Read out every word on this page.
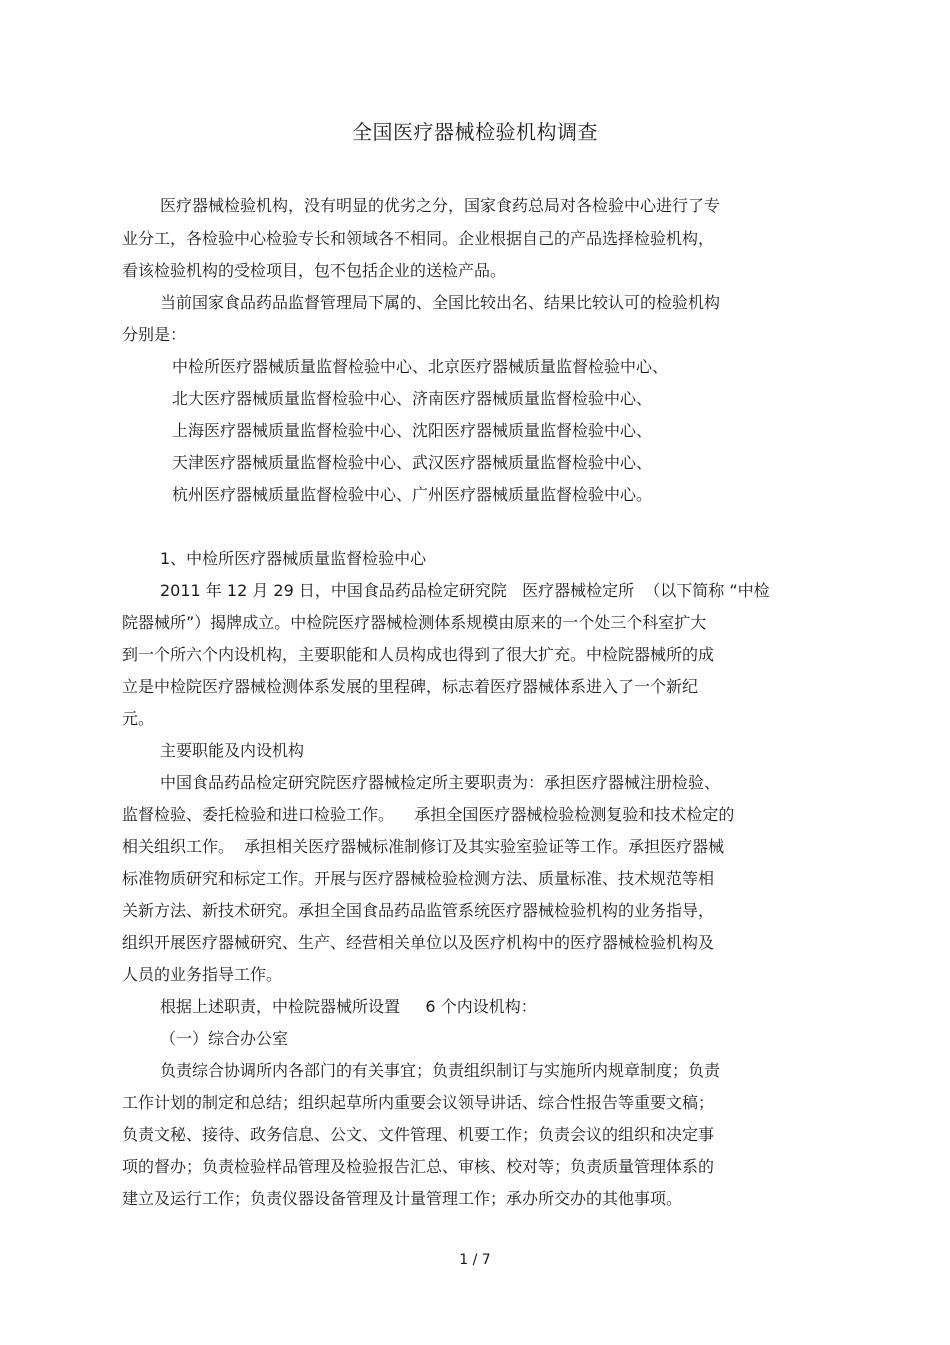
全国医疗器械检验机构调查
医疗器械检验机构，没有明显的优劣之分，国家食药总局对各检验中心进行了专
业分工，各检验中心检验专长和领域各不相同。企业根据自己的产品选择检验机构，
看该检验机构的受检项目，包不包括企业的送检产品。
当前国家食品药品监督管理局下属的、全国比较出名、结果比较认可的检验机构
分别是：
中检所医疗器械质量监督检验中心、北京医疗器械质量监督检验中心、
北大医疗器械质量监督检验中心、济南医疗器械质量监督检验中心、
上海医疗器械质量监督检验中心、沈阳医疗器械质量监督检验中心、
天津医疗器械质量监督检验中心、武汉医疗器械质量监督检验中心、
杭州医疗器械质量监督检验中心、广州医疗器械质量监督检验中心。
1、中检所医疗器械质量监督检验中心
2011 年 12 月 29 日，中国食品药品检定研究院   医疗器械检定所  （以下简称 “中检
院器械所”）揭牌成立。中检院医疗器械检测体系规模由原来的一个处三个科室扩大
到一个所六个内设机构，主要职能和人员构成也得到了很大扩充。中检院器械所的成
立是中检院医疗器械检测体系发展的里程碑，标志着医疗器械体系进入了一个新纪
元。
主要职能及内设机构
中国食品药品检定研究院医疗器械检定所主要职责为：承担医疗器械注册检验、
监督检验、委托检验和进口检验工作。    承担全国医疗器械检验检测复验和技术检定的
相关组织工作。  承担相关医疗器械标准制修订及其实验室验证等工作。承担医疗器械
标准物质研究和标定工作。开展与医疗器械检验检测方法、质量标准、技术规范等相
关新方法、新技术研究。承担全国食品药品监管系统医疗器械检验机构的业务指导，
组织开展医疗器械研究、生产、经营相关单位以及医疗机构中的医疗器械检验机构及
人员的业务指导工作。
根据上述职责，中检院器械所设置     6 个内设机构：
（一）综合办公室
负责综合协调所内各部门的有关事宜；负责组织制订与实施所内规章制度；负责
工作计划的制定和总结；组织起草所内重要会议领导讲话、综合性报告等重要文稿；
负责文秘、接待、政务信息、公文、文件管理、机要工作；负责会议的组织和决定事
项的督办；负责检验样品管理及检验报告汇总、审核、校对等；负责质量管理体系的
建立及运行工作；负责仪器设备管理及计量管理工作；承办所交办的其他事项。
1 / 7
